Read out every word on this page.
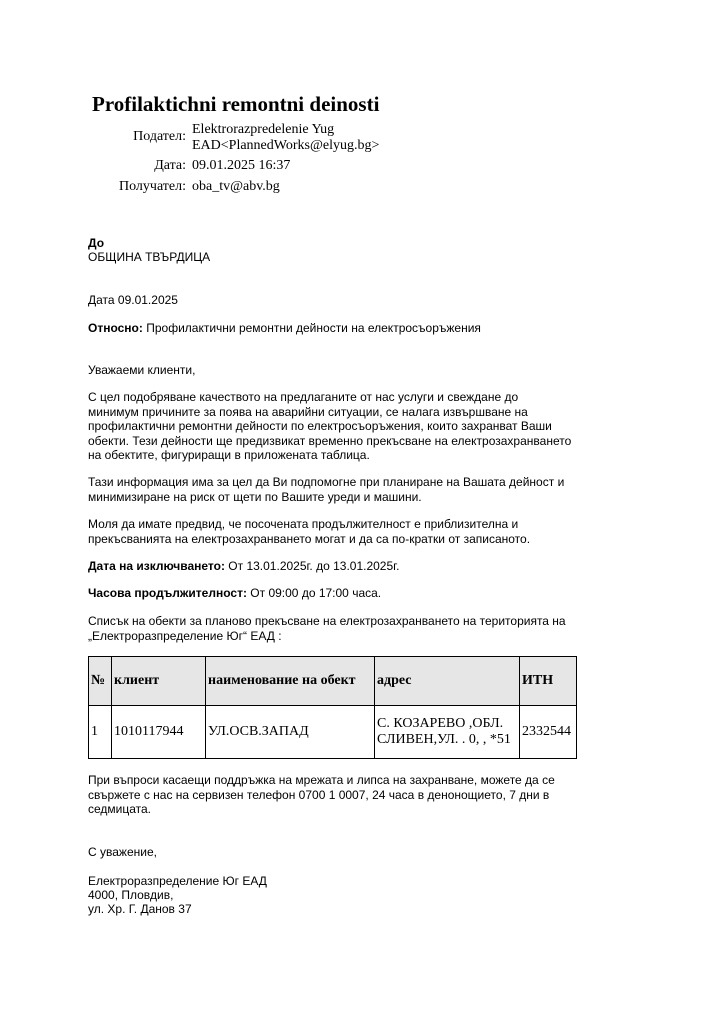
Profilaktichni remontni deinosti
Подател: Elektrorazpredelenie Yug
EAD<PlannedWorks@elyug.bg>
Дата: 09.01.2025 16:37
Получател: oba_tv@abv.bg
До
ОБЩИНА ТВЪРДИЦА
Дата 09.01.2025
Относно: Профилактични ремонтни дейности на електросъоръжения
Уважаеми клиенти,
С цел подобряване качеството на предлаганите от нас услуги и свеждане до минимум причините за поява на аварийни ситуации, се налага извършване на профилактични ремонтни дейности по електросъоръжения, които захранват Ваши обекти. Тези дейности ще предизвикат временно прекъсване на електрозахранването на обектите, фигуриращи в приложената таблица.
Тази информация има за цел да Ви подпомогне при планиране на Вашата дейност и минимизиране на риск от щети по Вашите уреди и машини.
Моля да имате предвид, че посочената продължителност е приблизителна и прекъсванията на електрозахранването могат и да са по-кратки от записаното.
Дата на изключването: От 13.01.2025г. до 13.01.2025г.
Часова продължителност: От 09:00 до 17:00 часа.
Списък на обекти за планово прекъсване на електрозахранването на територията на „Електроразпределение Юг“ ЕАД :
№	клиент	наименование на обект	адрес	ИТН
1	1010117944	УЛ.ОСВ.ЗАПАД	С. КОЗАРЕВО ,ОБЛ. СЛИВЕН,УЛ. . 0, , *51	2332544
При въпроси касаещи поддръжка на мрежата и липса на захранване, можете да се свържете с нас на сервизен телефон 0700 1 0007, 24 часа в денонощието, 7 дни в седмицата.
С уважение,
Електроразпределение Юг ЕАД
4000, Пловдив,
ул. Хр. Г. Данов 37
